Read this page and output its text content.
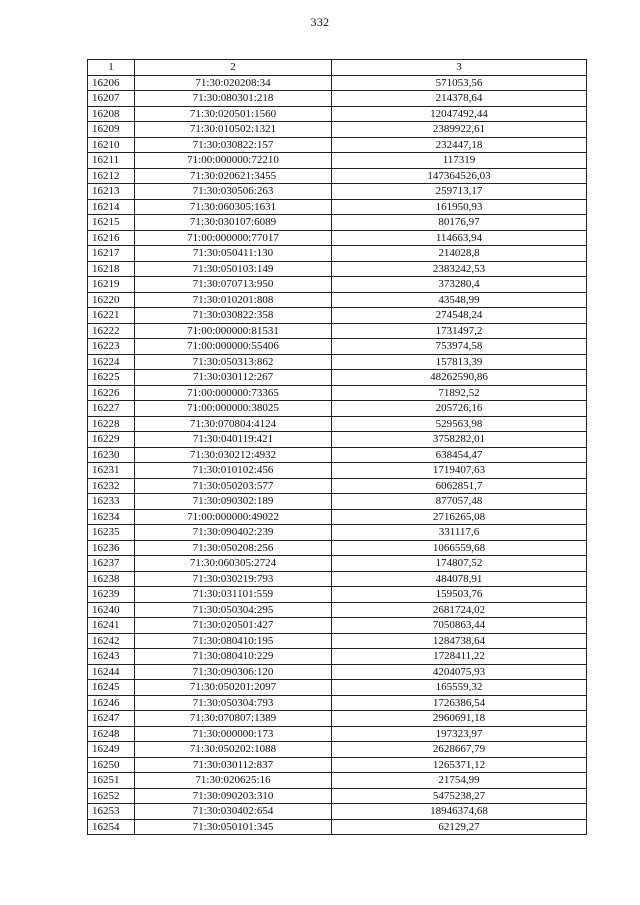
332
1	2	3
16206	71:30:020208:34	571053,56
16207	71:30:080301:218	214378,64
16208	71:30:020501:1560	12047492,44
16209	71:30:010502:1321	2389922,61
16210	71:30:030822:157	232447,18
16211	71:00:000000:72210	117319
16212	71:30:020621:3455	147364526,03
16213	71:30:030506:263	259713,17
16214	71:30:060305:1631	161950,93
16215	71:30:030107:6089	80176,97
16216	71:00:000000:77017	114663,94
16217	71:30:050411:130	214028,8
16218	71:30:050103:149	2383242,53
16219	71:30:070713:950	373280,4
16220	71:30:010201:808	43548,99
16221	71:30:030822:358	274548,24
16222	71:00:000000:81531	1731497,2
16223	71:00:000000:55406	753974,58
16224	71:30:050313:862	157813,39
16225	71:30:030112:267	48262590,86
16226	71:00:000000:73365	71892,52
16227	71:00:000000:38025	205726,16
16228	71:30:070804:4124	529563,98
16229	71:30:040119:421	3758282,01
16230	71:30:030212:4932	638454,47
16231	71:30:010102:456	1719407,63
16232	71:30:050203:577	6062851,7
16233	71:30:090302:189	877057,48
16234	71:00:000000:49022	2716265,08
16235	71:30:090402:239	331117,6
16236	71:30:050208:256	1066559,68
16237	71:30:060305:2724	174807,52
16238	71:30:030219:793	484078,91
16239	71:30:031101:559	159503,76
16240	71:30:050304:295	2681724,02
16241	71:30:020501:427	7050863,44
16242	71:30:080410:195	1284738,64
16243	71:30:080410:229	1728411,22
16244	71:30:090306:120	4204075,93
16245	71:30:050201:2097	165559,32
16246	71:30:050304:793	1726386,54
16247	71:30:070807:1389	2960691,18
16248	71:30:000000:173	197323,97
16249	71:30:050202:1088	2628667,79
16250	71:30:030112:837	1265371,12
16251	71:30:020625:16	21754,99
16252	71:30:090203:310	5475238,27
16253	71:30:030402:654	18946374,68
16254	71:30:050101:345	62129,27
